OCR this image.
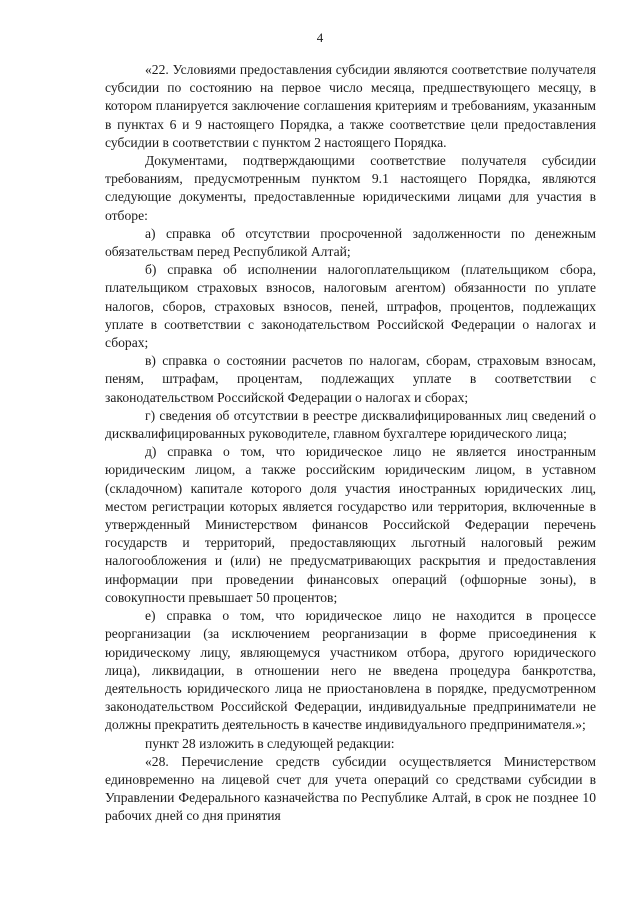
4

«22. Условиями предоставления субсидии являются соответствие получателя субсидии по состоянию на первое число месяца, предшествующего месяцу, в котором планируется заключение соглашения критериям и требованиям, указанным в пунктах 6 и 9 настоящего Порядка, а также соответствие цели предоставления субсидии в соответствии с пунктом 2 настоящего Порядка.

Документами, подтверждающими соответствие получателя субсидии требованиям, предусмотренным пунктом 9.1 настоящего Порядка, являются следующие документы, предоставленные юридическими лицами для участия в отборе:

а) справка об отсутствии просроченной задолженности по денежным обязательствам перед Республикой Алтай;

б) справка об исполнении налогоплательщиком (плательщиком сбора, плательщиком страховых взносов, налоговым агентом) обязанности по уплате налогов, сборов, страховых взносов, пеней, штрафов, процентов, подлежащих уплате в соответствии с законодательством Российской Федерации о налогах и сборах;

в) справка о состоянии расчетов по налогам, сборам, страховым взносам, пеням, штрафам, процентам, подлежащих уплате в соответствии с законодательством Российской Федерации о налогах и сборах;

г) сведения об отсутствии в реестре дисквалифицированных лиц сведений о дисквалифицированных руководителе, главном бухгалтере юридического лица;

д) справка о том, что юридическое лицо не является иностранным юридическим лицом, а также российским юридическим лицом, в уставном (складочном) капитале которого доля участия иностранных юридических лиц, местом регистрации которых является государство или территория, включенные в утвержденный Министерством финансов Российской Федерации перечень государств и территорий, предоставляющих льготный налоговый режим налогообложения и (или) не предусматривающих раскрытия и предоставления информации при проведении финансовых операций (офшорные зоны), в совокупности превышает 50 процентов;

е) справка о том, что юридическое лицо не находится в процессе реорганизации (за исключением реорганизации в форме присоединения к юридическому лицу, являющемуся участником отбора, другого юридического лица), ликвидации, в отношении него не введена процедура банкротства, деятельность юридического лица не приостановлена в порядке, предусмотренном законодательством Российской Федерации, индивидуальные предприниматели не должны прекратить деятельность в качестве индивидуального предпринимателя.»;

пункт 28 изложить в следующей редакции:

«28. Перечисление средств субсидии осуществляется Министерством единовременно на лицевой счет для учета операций со средствами субсидии в Управлении Федерального казначейства по Республике Алтай, в срок не позднее 10 рабочих дней со дня принятия
